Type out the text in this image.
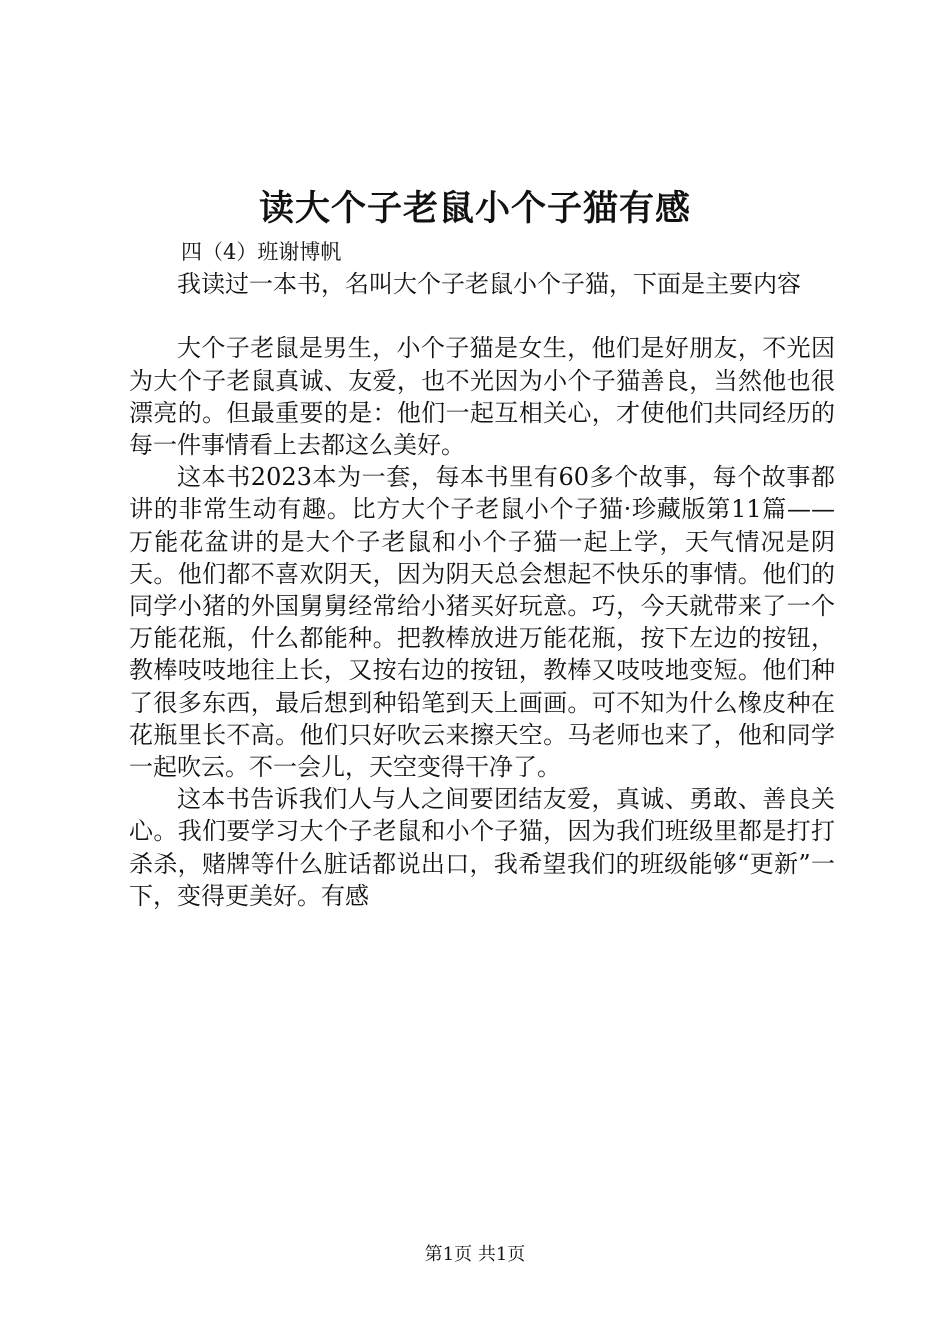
读大个子老鼠小个子猫有感

四（4）班谢博帆

我读过一本书，名叫大个子老鼠小个子猫，下面是主要内容

大个子老鼠是男生，小个子猫是女生，他们是好朋友，不光因为大个子老鼠真诚、友爱，也不光因为小个子猫善良，当然他也很漂亮的。但最重要的是：他们一起互相关心，才使他们共同经历的每一件事情看上去都这么美好。

这本书2023本为一套，每本书里有60多个故事，每个故事都讲的非常生动有趣。比方大个子老鼠小个子猫·珍藏版第11篇——万能花盆讲的是大个子老鼠和小个子猫一起上学，天气情况是阴天。他们都不喜欢阴天，因为阴天总会想起不快乐的事情。他们的同学小猪的外国舅舅经常给小猪买好玩意。巧，今天就带来了一个万能花瓶，什么都能种。把教棒放进万能花瓶，按下左边的按钮，教棒吱吱地往上长，又按右边的按钮，教棒又吱吱地变短。他们种了很多东西，最后想到种铅笔到天上画画。可不知为什么橡皮种在花瓶里长不高。他们只好吹云来擦天空。马老师也来了，他和同学一起吹云。不一会儿，天空变得干净了。

这本书告诉我们人与人之间要团结友爱，真诚、勇敢、善良关心。我们要学习大个子老鼠和小个子猫，因为我们班级里都是打打杀杀，赌牌等什么脏话都说出口，我希望我们的班级能够“更新”一下，变得更美好。有感

第1页 共1页
